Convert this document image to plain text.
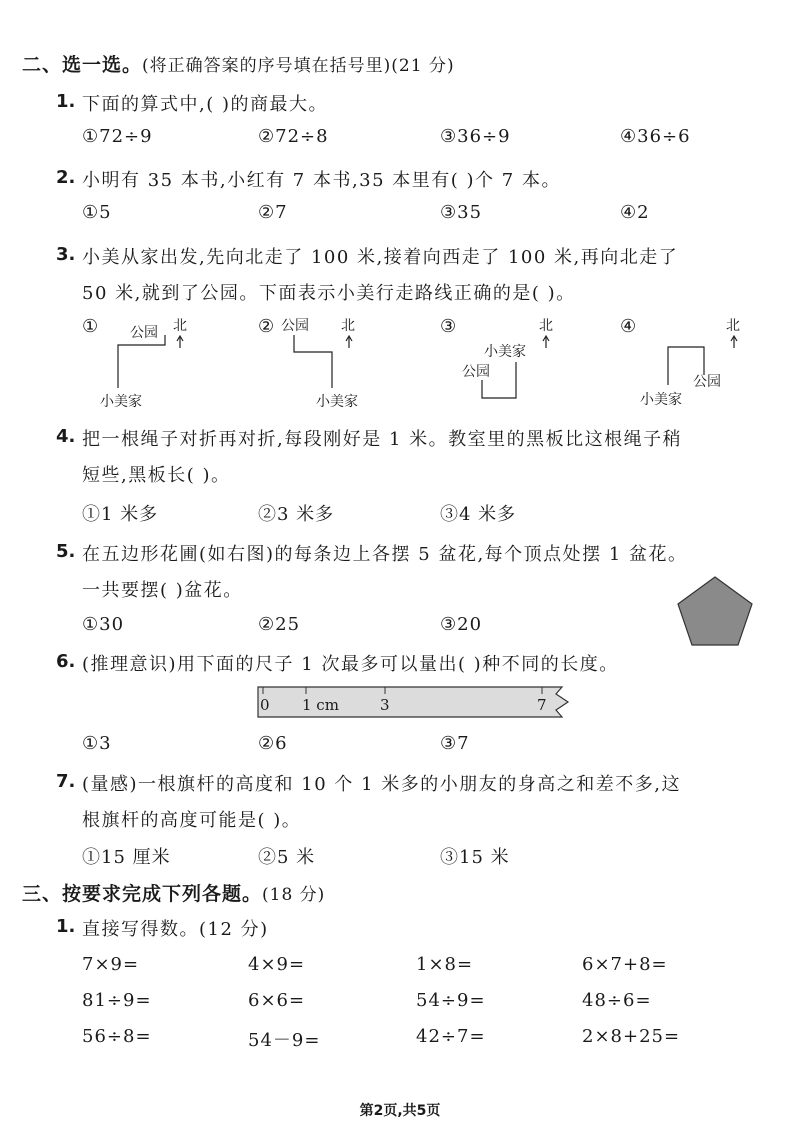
二、选一选。(将正确答案的序号填在括号里)(21 分)
1. 下面的算式中,( )的商最大。
①72÷9	②72÷8	③36÷9	④36÷6
2. 小明有 35 本书,小红有 7 本书,35 本里有( )个 7 本。
①5	②7	③35	④2
3. 小美从家出发,先向北走了 100 米,接着向西走了 100 米,再向北走了
50 米,就到了公园。下面表示小美行走路线正确的是( )。
①	②	③	④
公园 北
小美家
公园 北
小美家
北
小美家
公园
北
公园
小美家
4. 把一根绳子对折再对折,每段刚好是 1 米。教室里的黑板比这根绳子稍
短些,黑板长( )。
①1 米多	②3 米多	③4 米多
5. 在五边形花圃(如右图)的每条边上各摆 5 盆花,每个顶点处摆 1 盆花。
一共要摆( )盆花。
①30	②25	③20
6. (推理意识)用下面的尺子 1 次最多可以量出( )种不同的长度。
0 1 cm	3	7
①3	②6	③7
7. (量感)一根旗杆的高度和 10 个 1 米多的小朋友的身高之和差不多,这
根旗杆的高度可能是( )。
①15 厘米	②5 米	③15 米
三、按要求完成下列各题。(18 分)
1. 直接写得数。(12 分)
7×9=	4×9=	1×8=	6×7+8=
81÷9=	6×6=	54÷9=	48÷6=
56÷8=	54－9=	42÷7=	2×8+25=
第2页,共5页
